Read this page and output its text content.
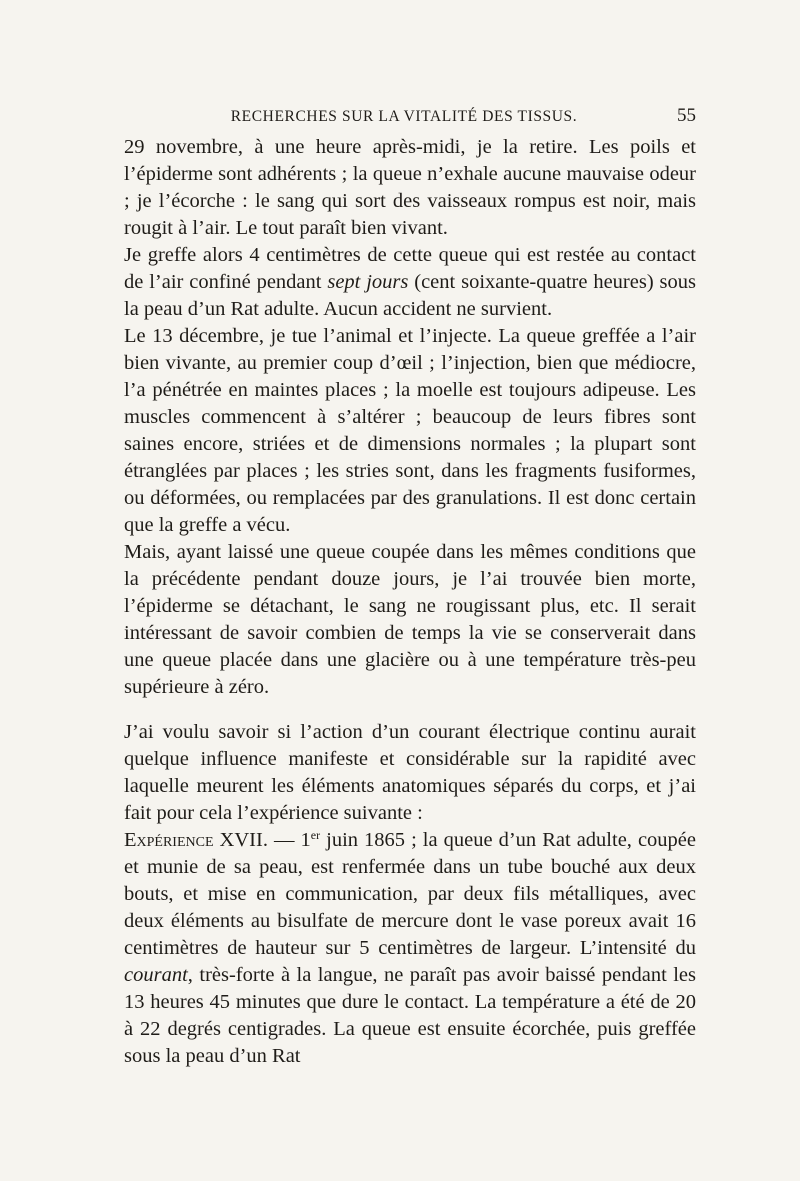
RECHERCHES SUR LA VITALITÉ DES TISSUS.	55

29 novembre, à une heure après-midi, je la retire. Les poils et l’épiderme sont adhérents ; la queue n’exhale aucune mauvaise odeur ; je l’écorche : le sang qui sort des vaisseaux rompus est noir, mais rougit à l’air. Le tout paraît bien vivant.

Je greffe alors 4 centimètres de cette queue qui est restée au contact de l’air confiné pendant sept jours (cent soixante-quatre heures) sous la peau d’un Rat adulte. Aucun accident ne survient.

Le 13 décembre, je tue l’animal et l’injecte. La queue greffée a l’air bien vivante, au premier coup d’œil ; l’injection, bien que médiocre, l’a pénétrée en maintes places ; la moelle est toujours adipeuse. Les muscles commencent à s’altérer ; beaucoup de leurs fibres sont saines encore, striées et de dimensions normales ; la plupart sont étranglées par places ; les stries sont, dans les fragments fusiformes, ou déformées, ou remplacées par des granulations. Il est donc certain que la greffe a vécu.

Mais, ayant laissé une queue coupée dans les mêmes conditions que la précédente pendant douze jours, je l’ai trouvée bien morte, l’épiderme se détachant, le sang ne rougissant plus, etc. Il serait intéressant de savoir combien de temps la vie se conserverait dans une queue placée dans une glacière ou à une température très-peu supérieure à zéro.

J’ai voulu savoir si l’action d’un courant électrique continu aurait quelque influence manifeste et considérable sur la rapidité avec laquelle meurent les éléments anatomiques séparés du corps, et j’ai fait pour cela l’expérience suivante :

Expérience XVII. — 1er juin 1865 ; la queue d’un Rat adulte, coupée et munie de sa peau, est renfermée dans un tube bouché aux deux bouts, et mise en communication, par deux fils métalliques, avec deux éléments au bisulfate de mercure dont le vase poreux avait 16 centimètres de hauteur sur 5 centimètres de largeur. L’intensité du courant, très-forte à la langue, ne paraît pas avoir baissé pendant les 13 heures 45 minutes que dure le contact. La température a été de 20 à 22 degrés centigrades. La queue est ensuite écorchée, puis greffée sous la peau d’un Rat
